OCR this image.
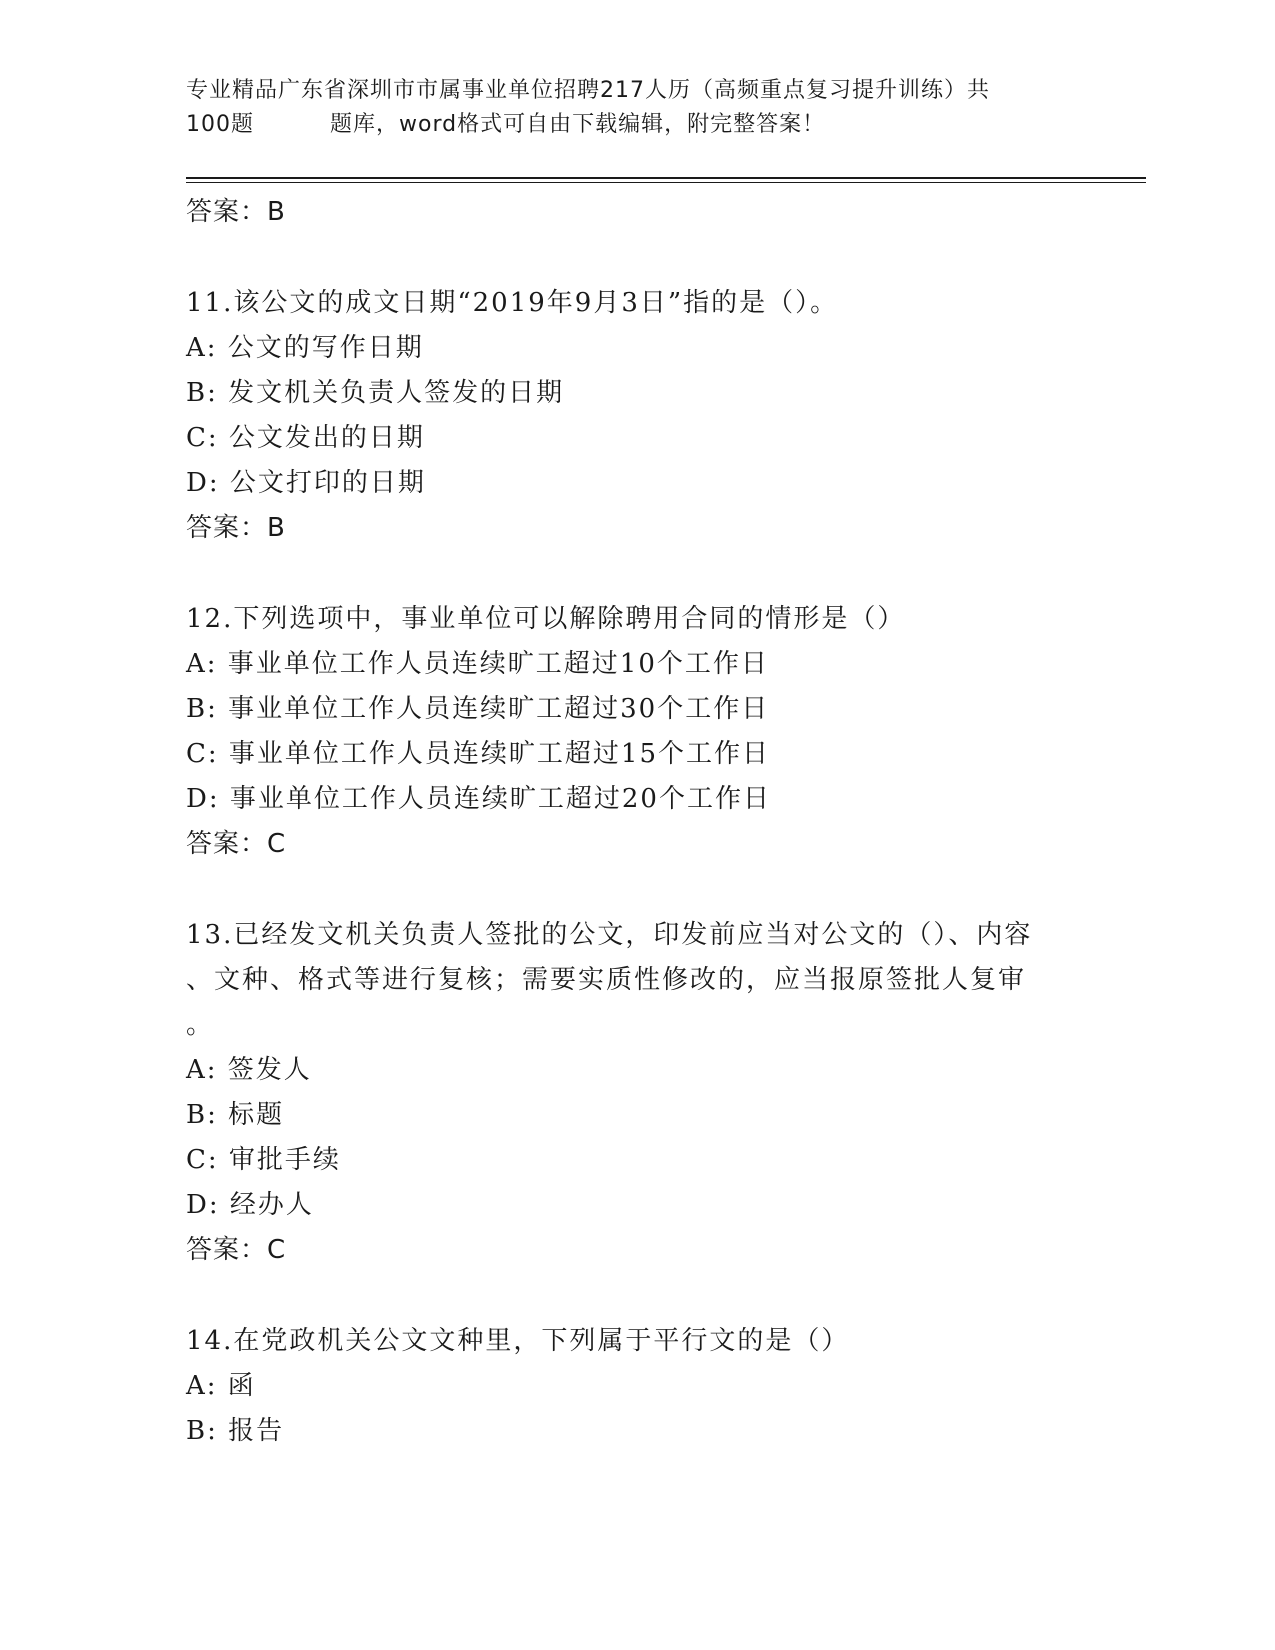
专业精品广东省深圳市市属事业单位招聘217人历（高频重点复习提升训练）共
100题	题库，word格式可自由下载编辑，附完整答案！
答案：B
11.该公文的成文日期“2019年9月3日”指的是（）。
A: 公文的写作日期
B: 发文机关负责人签发的日期
C: 公文发出的日期
D: 公文打印的日期
答案：B
12.下列选项中，事业单位可以解除聘用合同的情形是（）
A: 事业单位工作人员连续旷工超过10个工作日
B: 事业单位工作人员连续旷工超过30个工作日
C: 事业单位工作人员连续旷工超过15个工作日
D: 事业单位工作人员连续旷工超过20个工作日
答案：C
13.已经发文机关负责人签批的公文，印发前应当对公文的（）、内容
、文种、格式等进行复核；需要实质性修改的，应当报原签批人复审
。
A: 签发人
B: 标题
C: 审批手续
D: 经办人
答案：C
14.在党政机关公文文种里，下列属于平行文的是（）
A: 函
B: 报告
